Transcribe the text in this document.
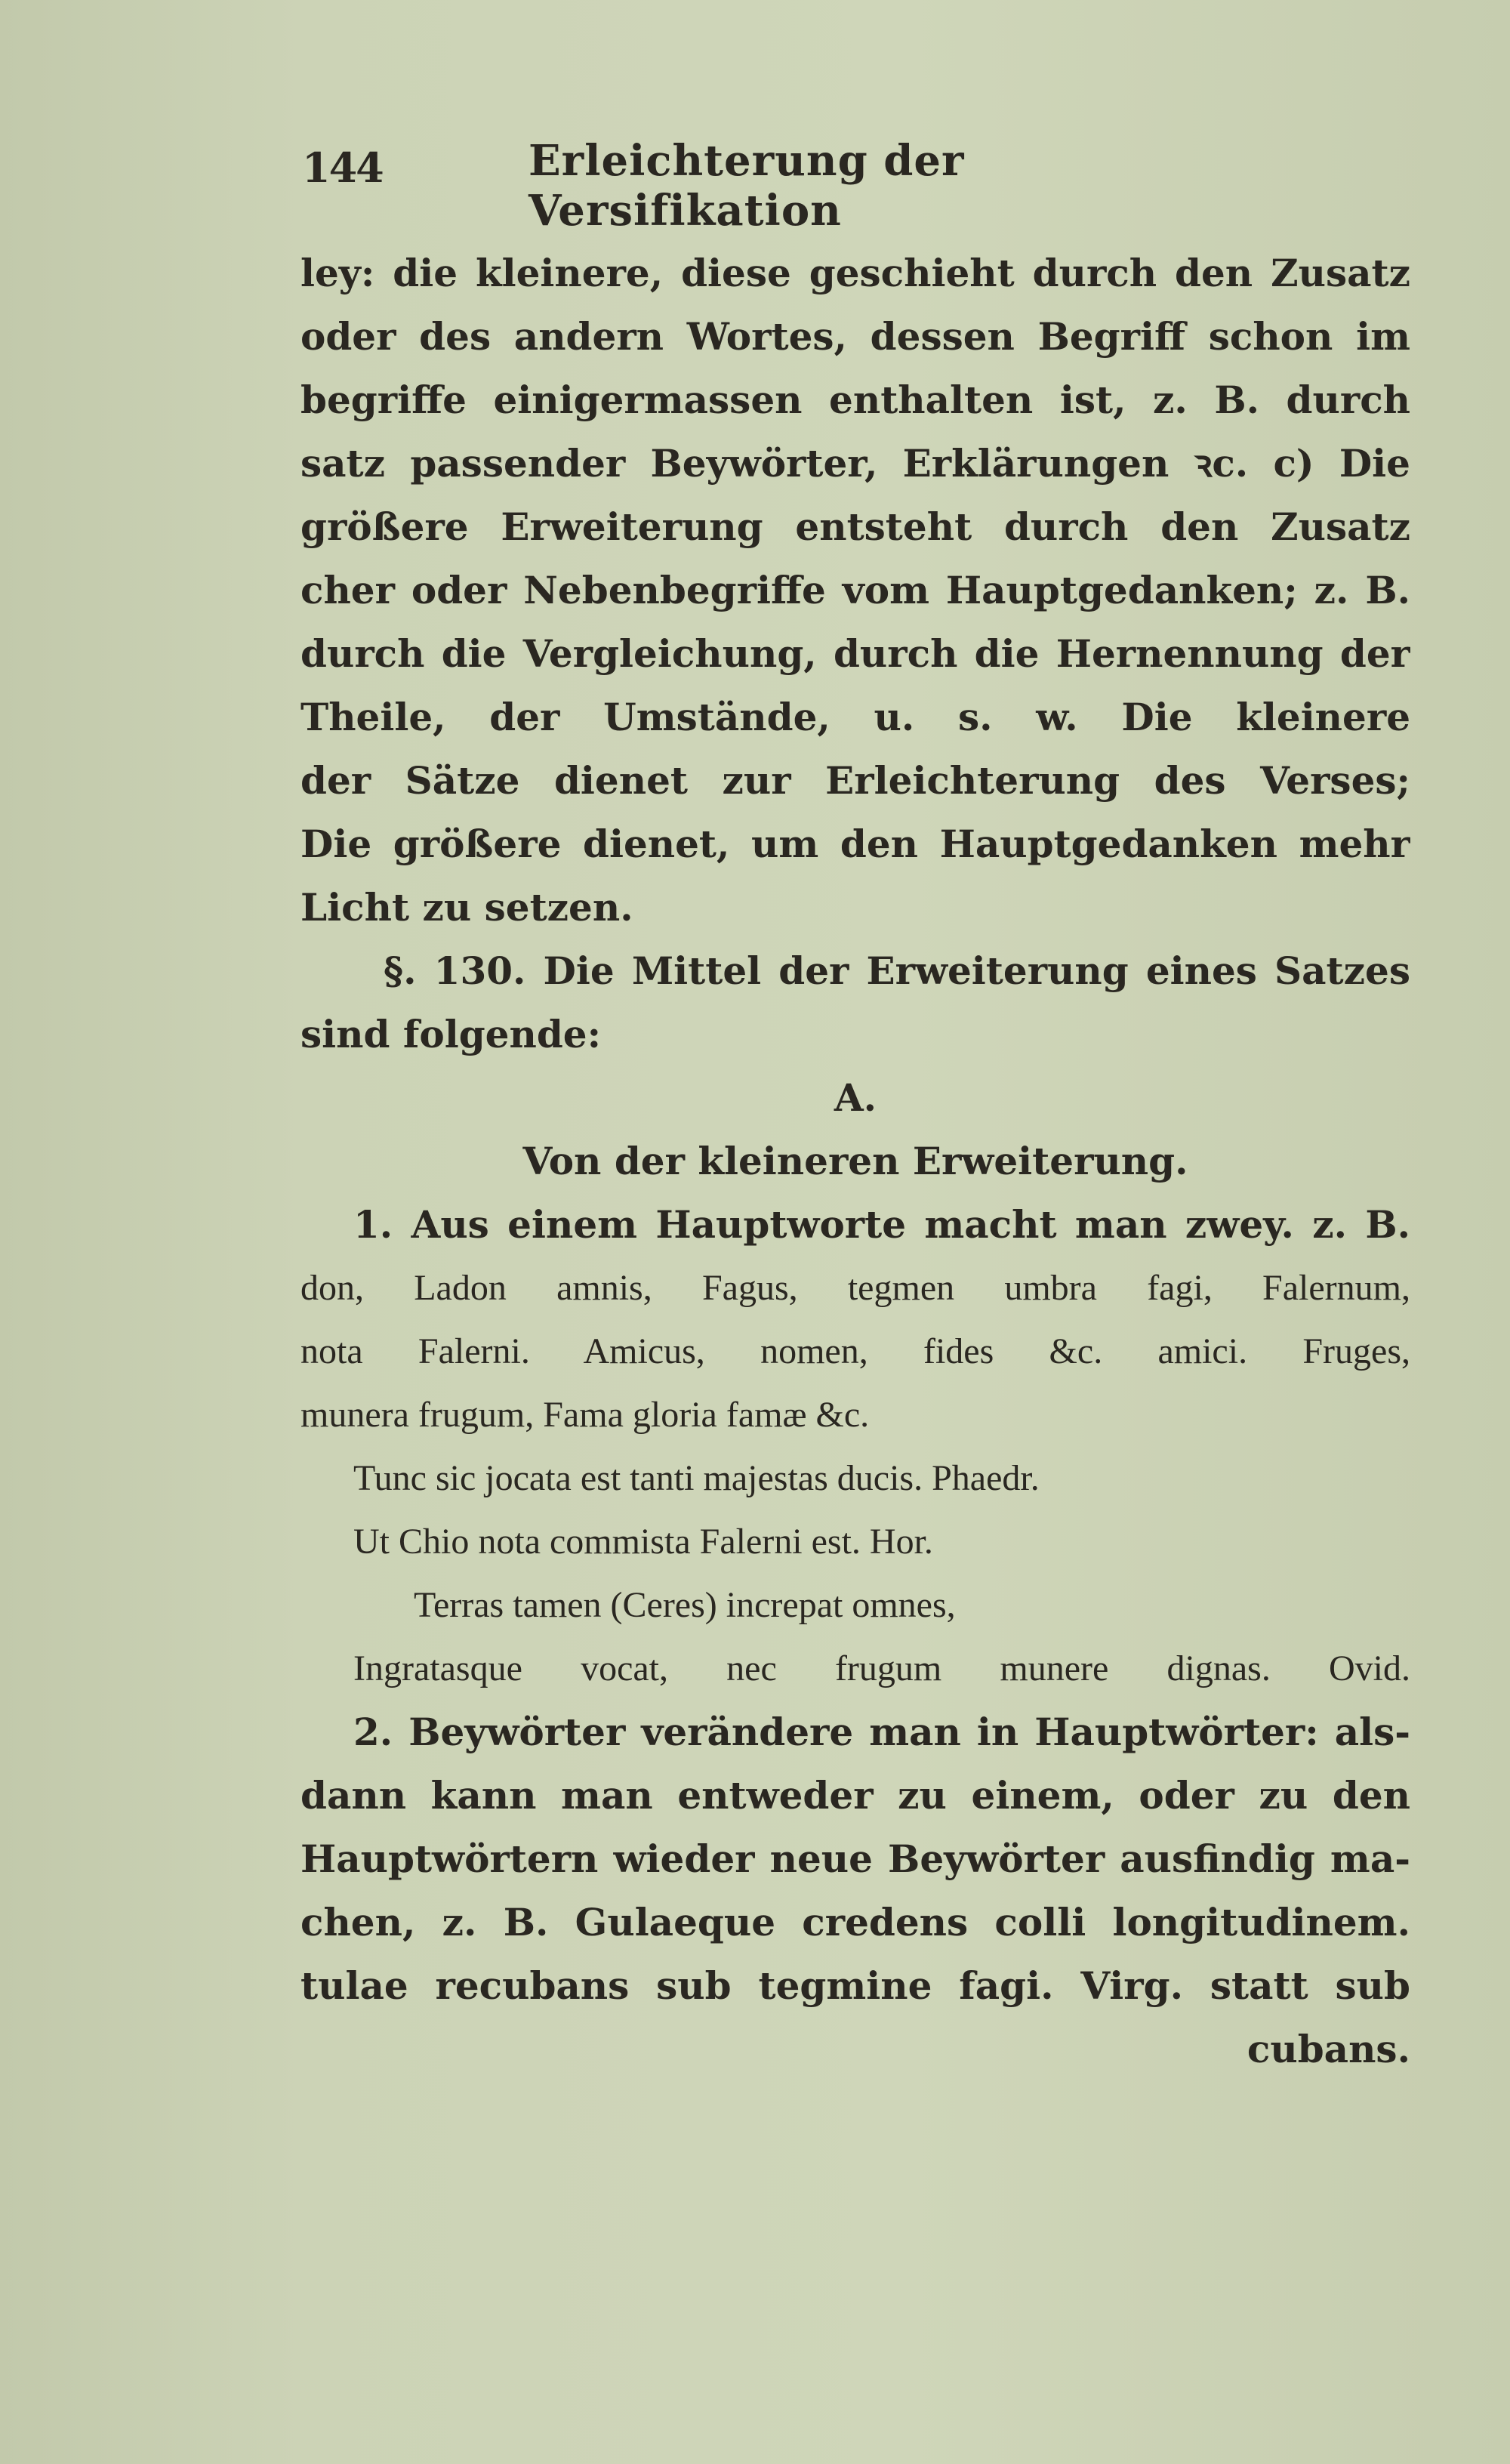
144	Erleichterung der Versifikation
ley: die kleinere, diese geschieht durch den Zusatz
oder des andern Wortes, dessen Begriff schon im
begriffe einigermassen enthalten ist, z. B. durch
satz passender Beywörter, Erklärungen ꝛc. c) Die
größere Erweiterung entsteht durch den Zusatz
cher oder Nebenbegriffe vom Hauptgedanken; z. B.
durch die Vergleichung, durch die Hernennung der
Theile, der Umstände, u. s. w. Die kleinere
der Sätze dienet zur Erleichterung des Verses;
Die größere dienet, um den Hauptgedanken mehr
Licht zu setzen.
§. 130. Die Mittel der Erweiterung eines Satzes
sind folgende:
A.
Von der kleineren Erweiterung.
1. Aus einem Hauptworte macht man zwey. z. B.
don, Ladon amnis, Fagus, tegmen umbra fagi, Falernum,
nota Falerni. Amicus, nomen, fides &c. amici. Fruges,
munera frugum, Fama gloria famæ &c.
Tunc sic jocata est tanti majestas ducis. Phaedr.
Ut Chio nota commista Falerni est. Hor.
Terras tamen (Ceres) increpat omnes,
Ingratasque vocat, nec frugum munere dignas. Ovid.
2. Beywörter verändere man in Hauptwörter: als-
dann kann man entweder zu einem, oder zu den
Hauptwörtern wieder neue Beywörter ausfindig ma-
chen, z. B. Gulaeque credens colli longitudinem.
tulae recubans sub tegmine fagi. Virg. statt sub
cubans.
